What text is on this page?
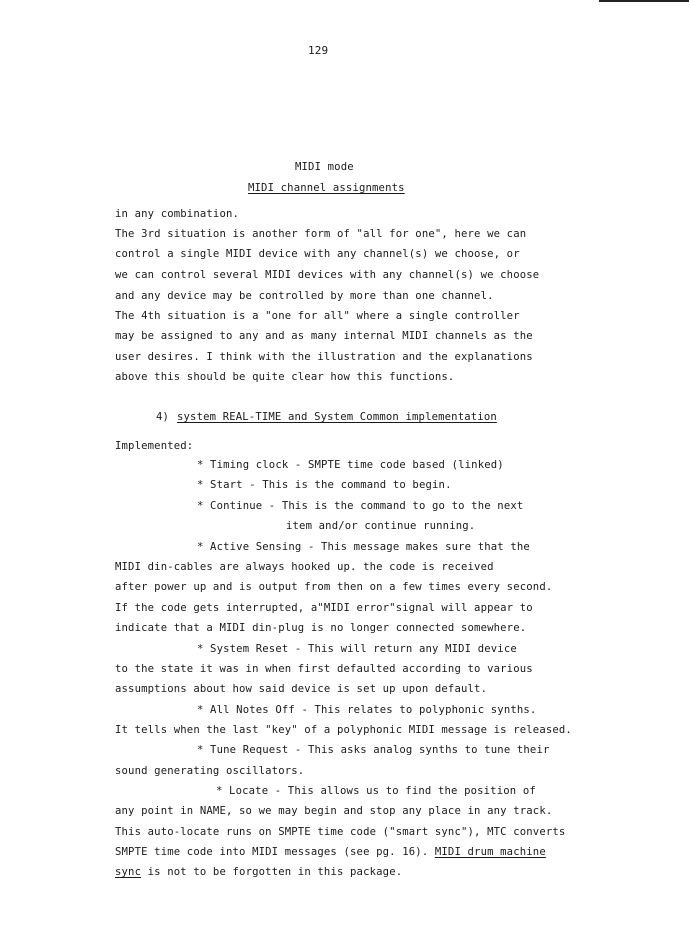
129
MIDI mode
MIDI channel assignments
in any combination.
The 3rd situation is another form of "all for one", here we can
control a single MIDI device with any channel(s) we choose, or
we can control several MIDI devices with any channel(s) we choose
and any device may be controlled by more than one channel.
The 4th situation is a "one for all" where a single controller
may be assigned to any and as many internal MIDI channels as the
user desires. I think with the illustration and the explanations
above this should be quite clear how this functions.
4) system REAL-TIME and System Common implementation
Implemented:
* Timing clock - SMPTE time code based (linked)
* Start - This is the command to begin.
* Continue - This is the command to go to the next
item and/or continue running.
* Active Sensing - This message makes sure that the
MIDI din-cables are always hooked up. the code is received
after power up and is output from then on a few times every second.
If the code gets interrupted, a"MIDI error"signal will appear to
indicate that a MIDI din-plug is no longer connected somewhere.
* System Reset - This will return any MIDI device
to the state it was in when first defaulted according to various
assumptions about how said device is set up upon default.
* All Notes Off - This relates to polyphonic synths.
It tells when the last "key" of a polyphonic MIDI message is released.
* Tune Request - This asks analog synths to tune their
sound generating oscillators.
* Locate - This allows us to find the position of
any point in NAME, so we may begin and stop any place in any track.
This auto-locate runs on SMPTE time code ("smart sync"), MTC converts
SMPTE time code into MIDI messages (see pg. 16). MIDI drum machine
sync is not to be forgotten in this package.
